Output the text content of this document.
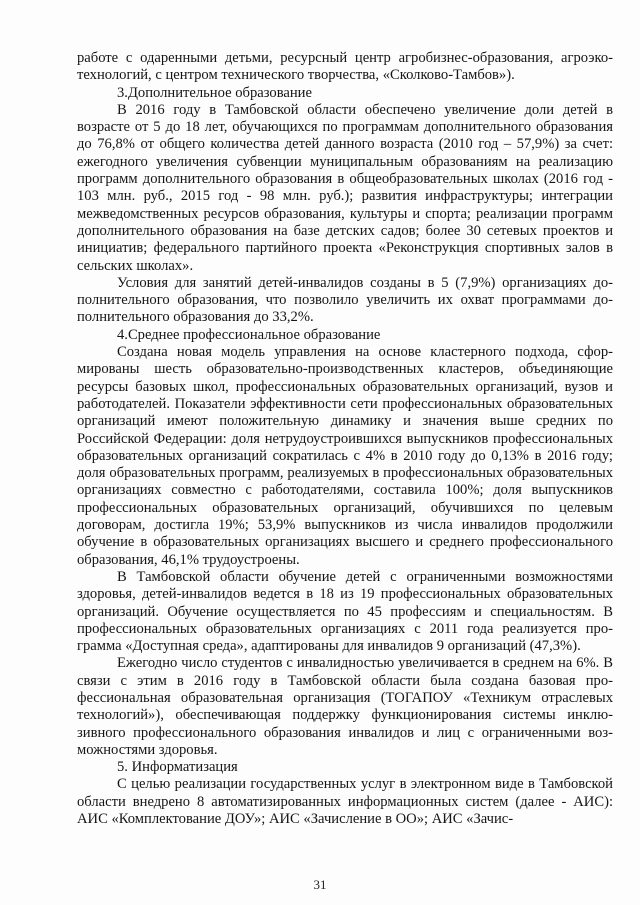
работе с одаренными детьми, ресурсный центр агробизнес-образования, агроэкотехнологий, с центром технического творчества, «Сколково-Тамбов»).

3.Дополнительное образование

В 2016 году в Тамбовской области обеспечено увеличение доли детей в возрасте от 5 до 18 лет, обучающихся по программам дополнительного образования до 76,8% от общего количества детей данного возраста (2010 год – 57,9%) за счет: ежегодного увеличения субвенции муниципальным образованиям на реализацию программ дополнительного образования в общеобразовательных школах (2016 год - 103 млн. руб., 2015 год - 98 млн. руб.); развития инфраструктуры; интеграции межведомственных ресурсов образования, культуры и спорта; реализации программ дополнительного образования на базе детских садов; более 30 сетевых проектов и инициатив; федерального партийного проекта «Реконструкция спортивных залов в сельских школах».

Условия для занятий детей-инвалидов созданы в 5 (7,9%) организациях дополнительного образования, что позволило увеличить их охват программами дополнительного образования до 33,2%.

4.Среднее профессиональное образование

Создана новая модель управления на основе кластерного подхода, сформированы шесть образовательно-производственных кластеров, объединяющие ресурсы базовых школ, профессиональных образовательных организаций, вузов и работодателей. Показатели эффективности сети профессиональных образовательных организаций имеют положительную динамику и значения выше средних по Российской Федерации: доля нетрудоустроившихся выпускников профессиональных образовательных организаций сократилась с 4% в 2010 году до 0,13% в 2016 году; доля образовательных программ, реализуемых в профессиональных образовательных организациях совместно с работодателями, составила 100%; доля выпускников профессиональных образовательных организаций, обучившихся по целевым договорам, достигла 19%; 53,9% выпускников из числа инвалидов продолжили обучение в образовательных организациях высшего и среднего профессионального образования, 46,1% трудоустроены.

В Тамбовской области обучение детей с ограниченными возможностями здоровья, детей-инвалидов ведется в 18 из 19 профессиональных образовательных организаций. Обучение осуществляется по 45 профессиям и специальностям. В профессиональных образовательных организациях с 2011 года реализуется программа «Доступная среда», адаптированы для инвалидов 9 организаций (47,3%).

Ежегодно число студентов с инвалидностью увеличивается в среднем на 6%. В связи с этим в 2016 году в Тамбовской области была создана базовая профессиональная образовательная организация (ТОГАПОУ «Техникум отраслевых технологий»), обеспечивающая поддержку функционирования системы инклюзивного профессионального образования инвалидов и лиц с ограниченными возможностями здоровья.

5. Информатизация

С целью реализации государственных услуг в электронном виде в Тамбовской области внедрено 8 автоматизированных информационных систем (далее - АИС): АИС «Комплектование ДОУ»; АИС «Зачисление в ОО»; АИС «Зачис-

31
